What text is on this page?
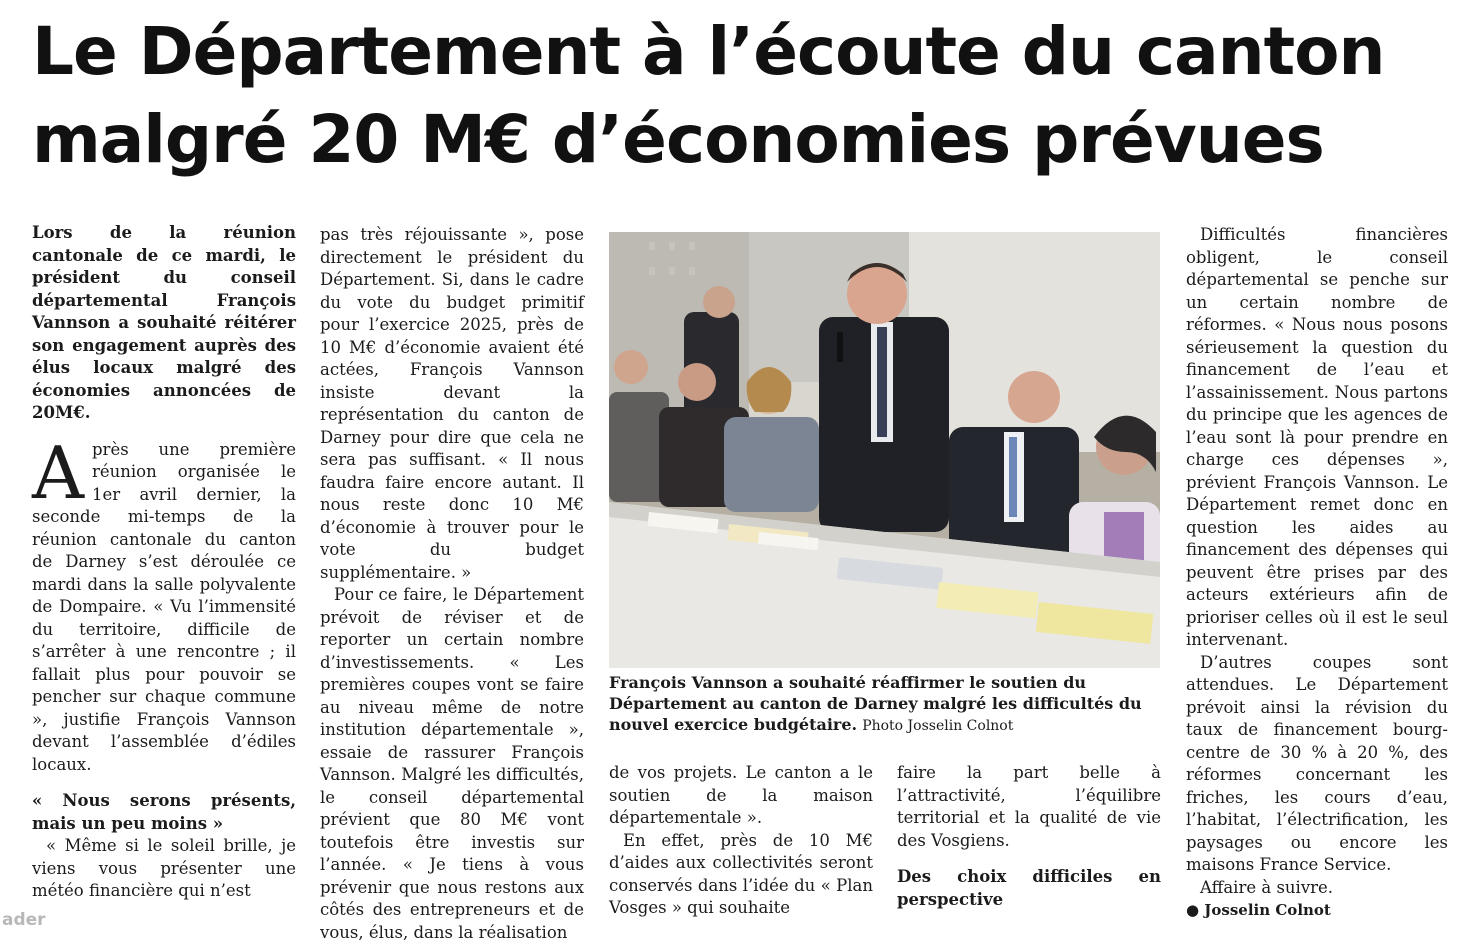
Le Département à l’écoute du canton
malgré 20 M€ d’économies prévues

Lors de la réunion cantonale de ce mardi, le président du conseil départemental François Vannson a souhaité réitérer son engagement auprès des élus locaux malgré des économies annoncées de 20M€.

Après une première réunion organisée le 1er avril dernier, la seconde mi-temps de la réunion cantonale du canton de Darney s’est déroulée ce mardi dans la salle polyvalente de Dompaire. « Vu l’immensité du territoire, difficile de s’arrêter à une rencontre ; il fallait plus pour pouvoir se pencher sur chaque commune », justifie François Vannson devant l’assemblée d’édiles locaux.

« Nous serons présents, mais un peu moins »

« Même si le soleil brille, je viens vous présenter une météo financière qui n’est

pas très réjouissante », pose directement le président du Département. Si, dans le cadre du vote du budget primitif pour l’exercice 2025, près de 10 M€ d’économie avaient été actées, François Vannson insiste devant la représentation du canton de Darney pour dire que cela ne sera pas suffisant. « Il nous faudra faire encore autant. Il nous reste donc 10 M€ d’économie à trouver pour le vote du budget supplémentaire. »

Pour ce faire, le Département prévoit de réviser et de reporter un certain nombre d’investissements. « Les premières coupes vont se faire au niveau même de notre institution départementale », essaie de rassurer François Vannson. Malgré les difficultés, le conseil départemental prévient que 80 M€ vont toutefois être investis sur l’année. « Je tiens à vous prévenir que nous restons aux côtés des entrepreneurs et de vous, élus, dans la réalisation

François Vannson a souhaité réaffirmer le soutien du Département au canton de Darney malgré les difficultés du nouvel exercice budgétaire. Photo Josselin Colnot

de vos projets. Le canton a le soutien de la maison départementale ».

En effet, près de 10 M€ d’aides aux collectivités seront conservés dans l’idée du « Plan Vosges » qui souhaite

faire la part belle à l’attractivité, l’équilibre territorial et la qualité de vie des Vosgiens.

Des choix difficiles en perspective

Difficultés financières obligent, le conseil départemental se penche sur un certain nombre de réformes. « Nous nous posons sérieusement la question du financement de l’eau et l’assainissement. Nous partons du principe que les agences de l’eau sont là pour prendre en charge ces dépenses », prévient François Vannson. Le Département remet donc en question les aides au financement des dépenses qui peuvent être prises par des acteurs extérieurs afin de prioriser celles où il est le seul intervenant.

D’autres coupes sont attendues. Le Département prévoit ainsi la révision du taux de financement bourg-centre de 30 % à 20 %, des réformes concernant les friches, les cours d’eau, l’habitat, l’électrification, les paysages ou encore les maisons France Service.

Affaire à suivre.

● Josselin Colnot

ader
